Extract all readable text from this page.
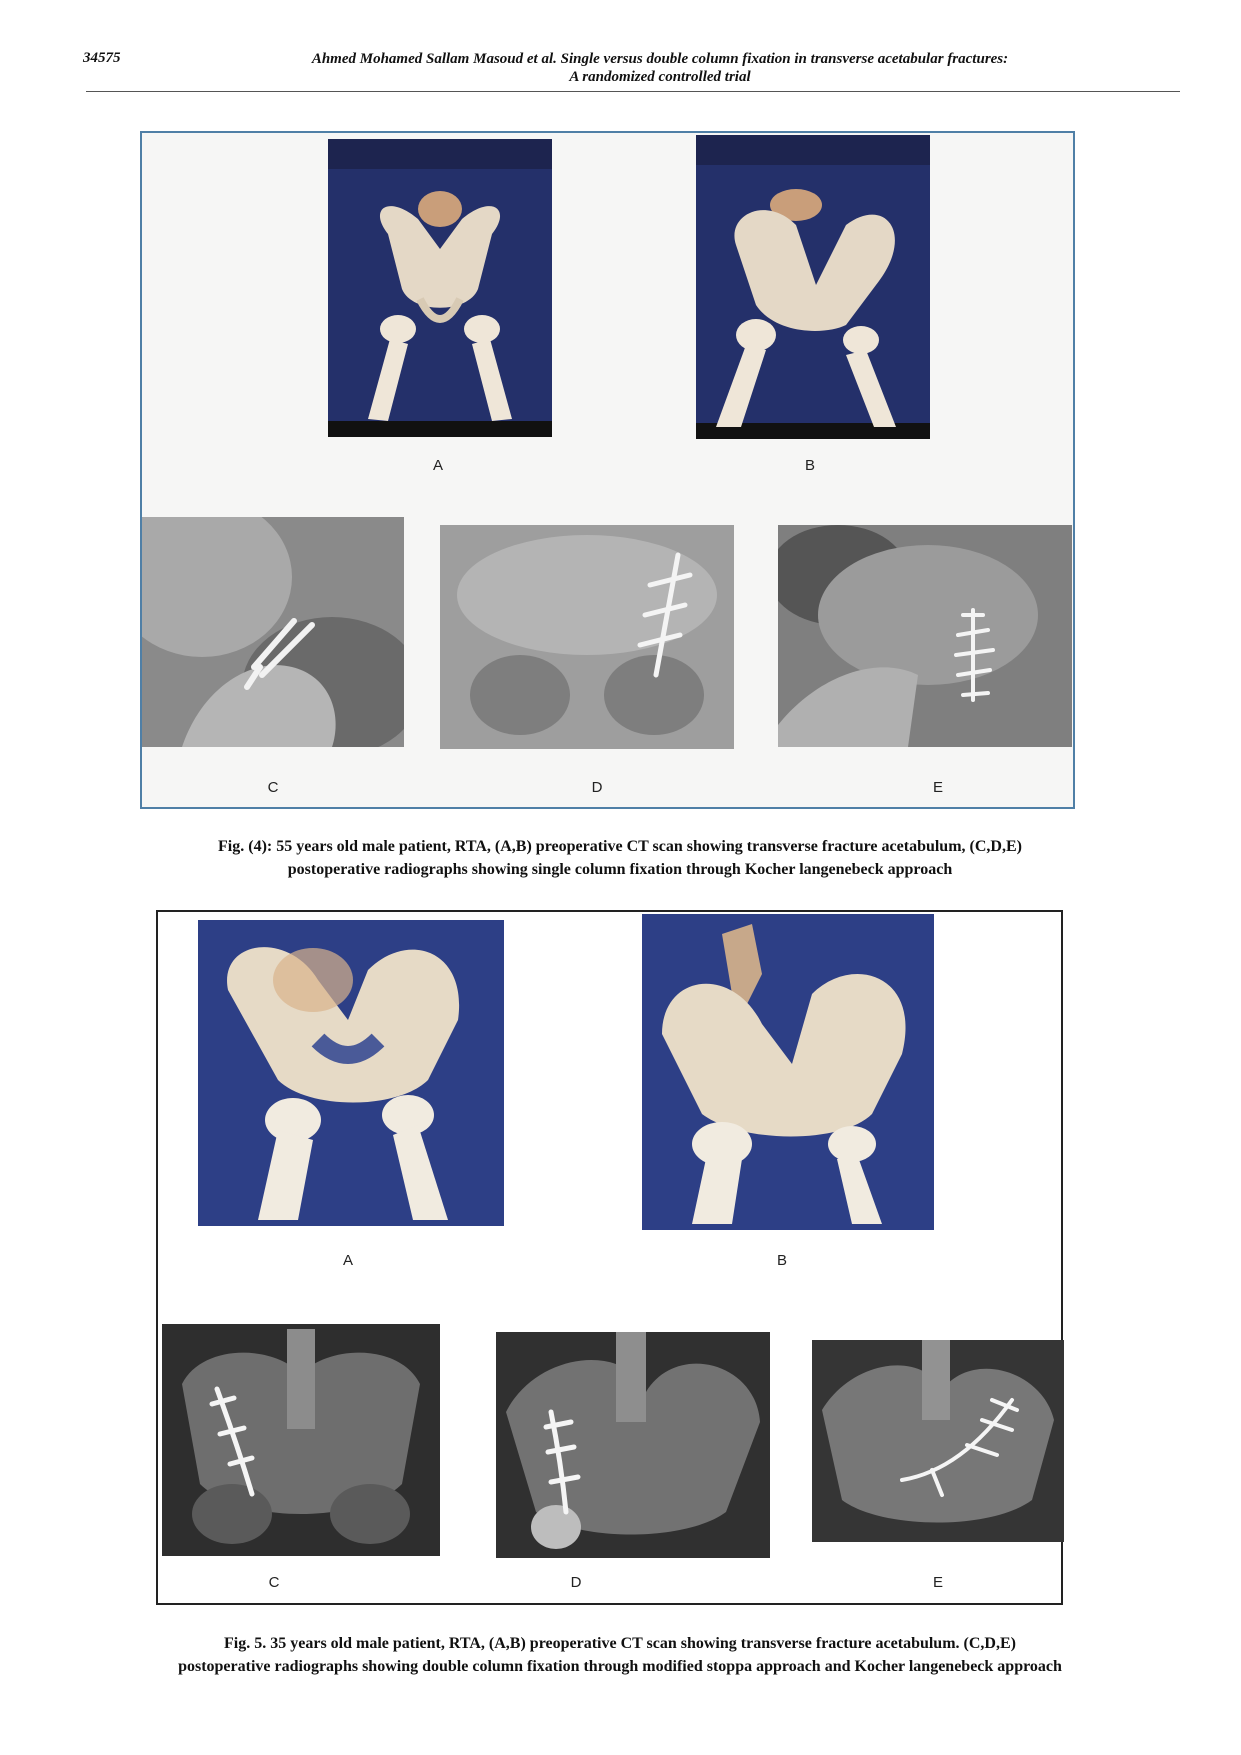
34575	Ahmed Mohamed Sallam Masoud et al. Single versus double column fixation in transverse acetabular fractures:
A randomized controlled trial
A	B
C	D	E
Fig. (4): 55 years old male patient, RTA, (A,B) preoperative CT scan showing transverse fracture acetabulum, (C,D,E)
postoperative radiographs showing single column fixation through Kocher langenebeck approach
A	B
C	D	E
Fig. 5. 35 years old male patient, RTA, (A,B) preoperative CT scan showing transverse fracture acetabulum. (C,D,E)
postoperative radiographs showing double column fixation through modified stoppa approach and Kocher langenebeck approach
